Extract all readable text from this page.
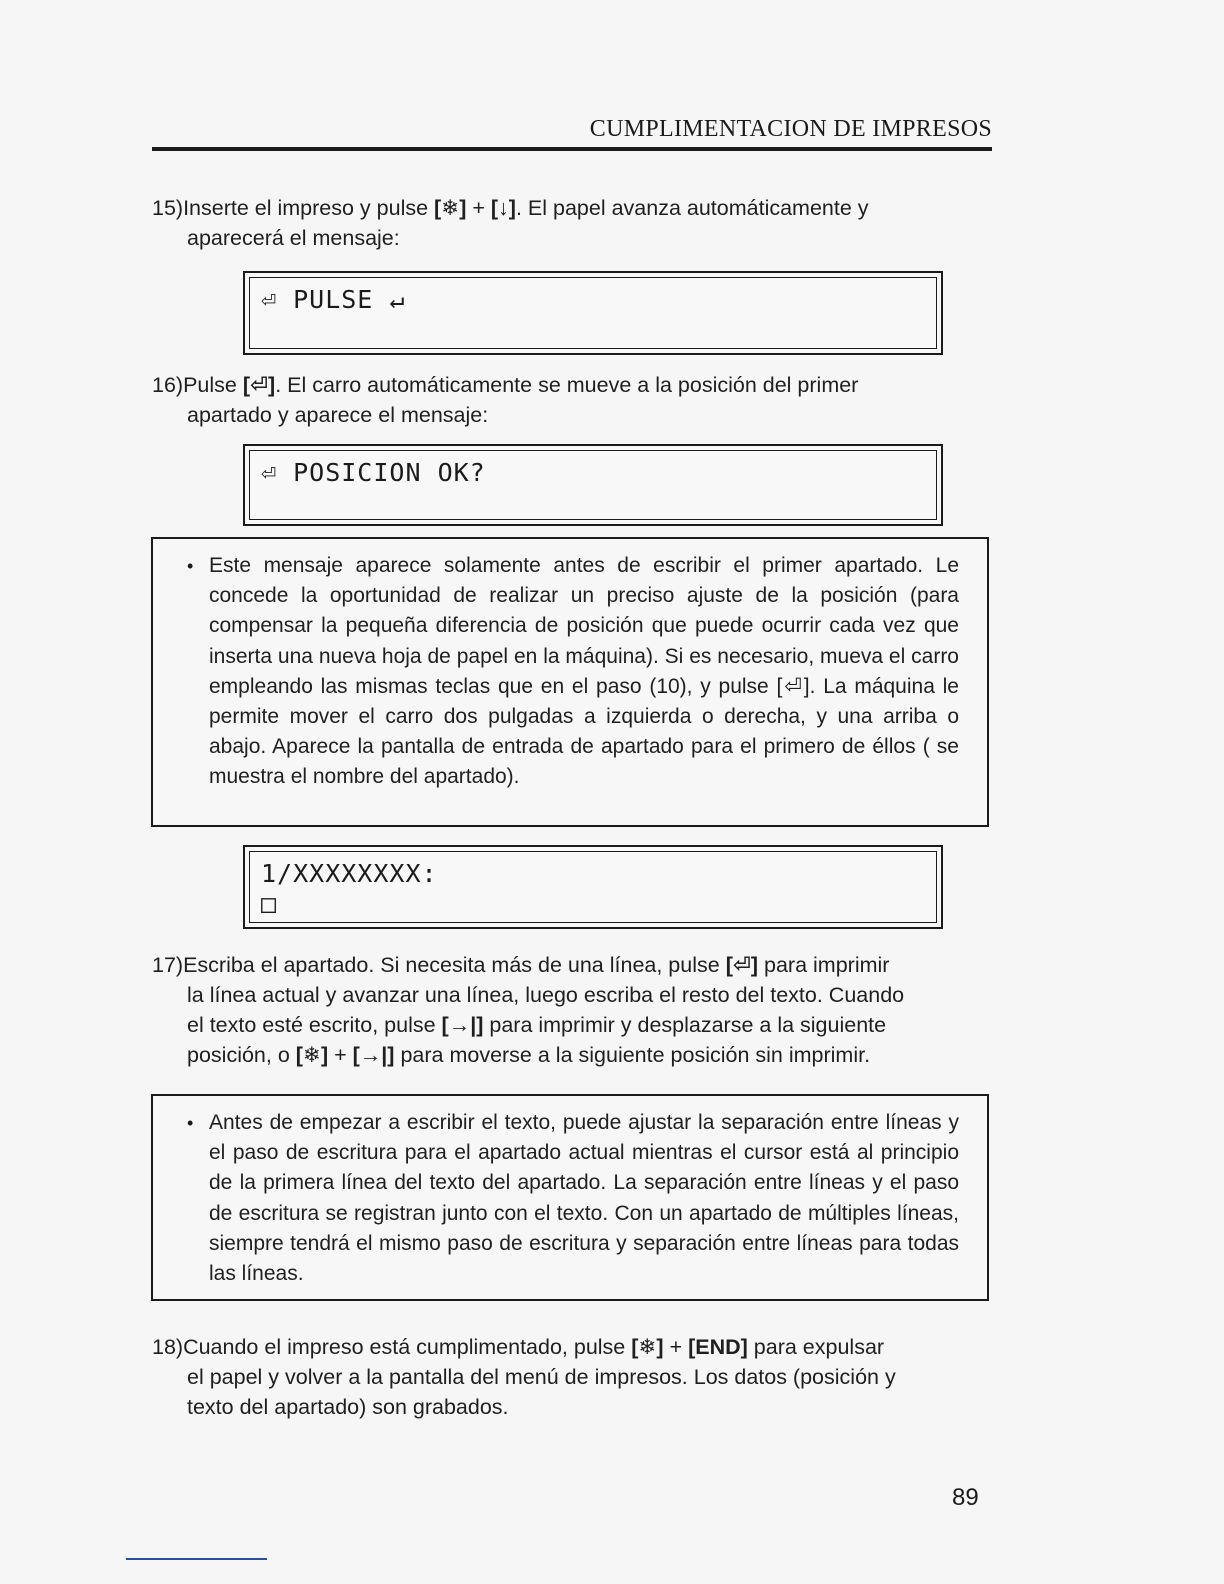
CUMPLIMENTACION DE IMPRESOS
15)Inserte el impreso y pulse [❄] + [↓]. El papel avanza automáticamente y
aparecerá el mensaje:
⏎ PULSE ↵
16)Pulse [⏎]. El carro automáticamente se mueve a la posición del primer
apartado y aparece el mensaje:
⏎ POSICION OK?
• Este mensaje aparece solamente antes de escribir el primer apartado. Le concede la oportunidad de realizar un preciso ajuste de la posición (para compensar la pequeña diferencia de posición que puede ocurrir cada vez que inserta una nueva hoja de papel en la máquina). Si es necesario, mueva el carro empleando las mismas teclas que en el paso (10), y pulse [⏎]. La máquina le permite mover el carro dos pulgadas a izquierda o derecha, y una arriba o abajo. Aparece la pantalla de entrada de apartado para el primero de éllos ( se muestra el nombre del apartado).
1/XXXXXXXX:
□
17)Escriba el apartado. Si necesita más de una línea, pulse [⏎] para imprimir
la línea actual y avanzar una línea, luego escriba el resto del texto. Cuando
el texto esté escrito, pulse [→|] para imprimir y desplazarse a la siguiente
posición, o [❄] + [→|] para moverse a la siguiente posición sin imprimir.
• Antes de empezar a escribir el texto, puede ajustar la separación entre líneas y el paso de escritura para el apartado actual mientras el cursor está al principio de la primera línea del texto del apartado. La separación entre líneas y el paso de escritura se registran junto con el texto. Con un apartado de múltiples líneas, siempre tendrá el mismo paso de escritura y separación entre líneas para todas las líneas.
18)Cuando el impreso está cumplimentado, pulse [❄] + [END] para expulsar
el papel y volver a la pantalla del menú de impresos. Los datos (posición y
texto del apartado) son grabados.
89
